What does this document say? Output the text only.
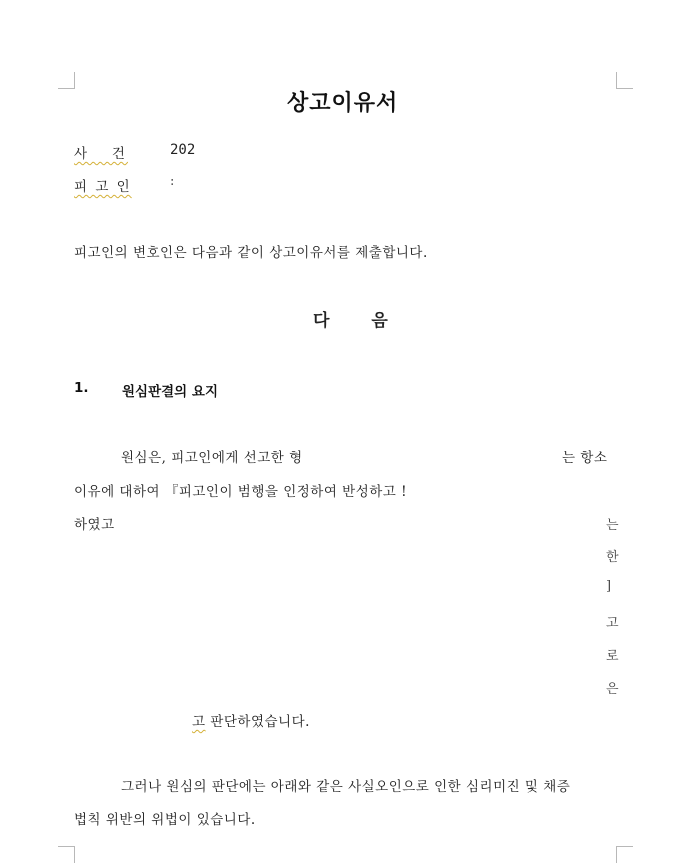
상고이유서
사   건	202
피 고 인	:
피고인의 변호인은 다음과 같이 상고이유서를 제출합니다.
다 음
1. 원심판결의 요지
원심은, 피고인에게 선고한 형	는 항소
이유에 대하여 『피고인이 범행을 인정하여 반성하고 !
하였고	는
한
]
고
로
은
고 판단하였습니다.
그러나 원심의 판단에는 아래와 같은 사실오인으로 인한 심리미진 및 채증
법칙 위반의 위법이 있습니다.
